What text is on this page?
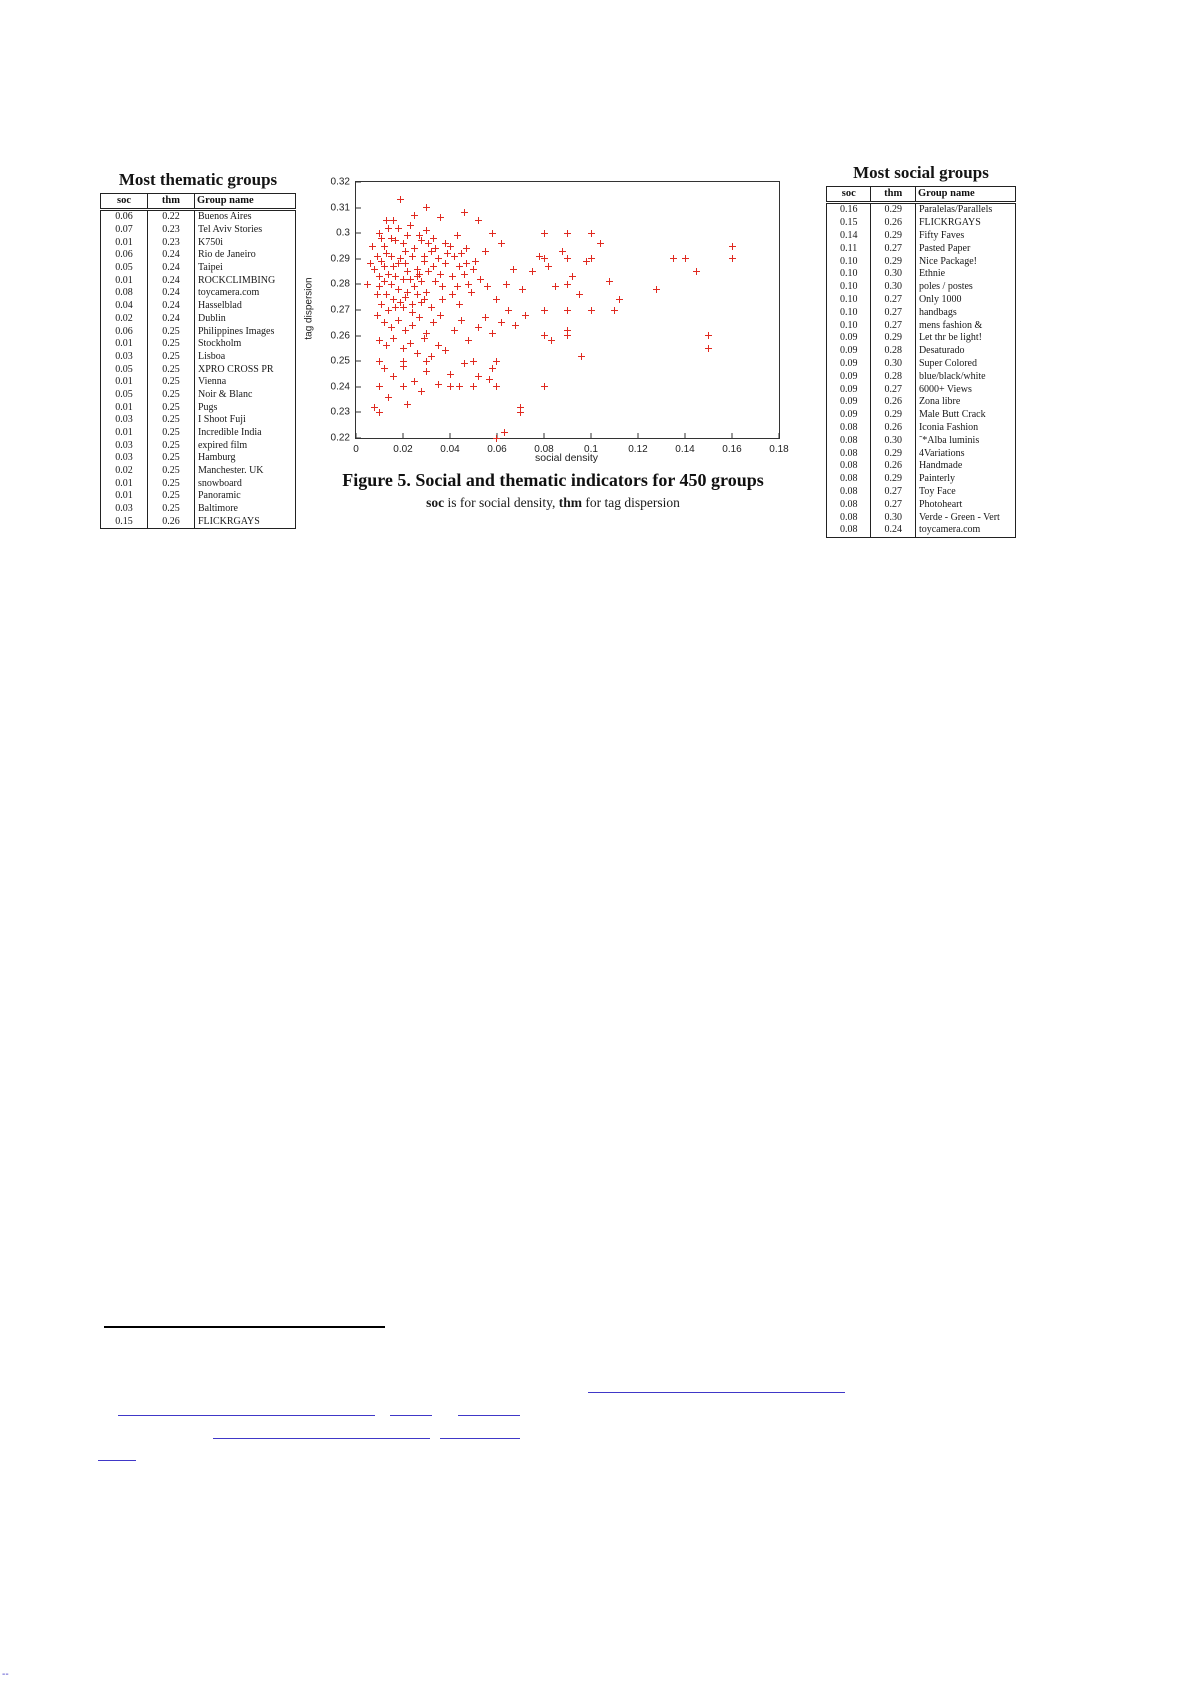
Most thematic groups
soc	thm	Group name
0.06	0.22	Buenos Aires
0.07	0.23	Tel Aviv Stories
0.01	0.23	K750i
0.06	0.24	Rio de Janeiro
0.05	0.24	Taipei
0.01	0.24	ROCKCLIMBING
0.08	0.24	toycamera.com
0.04	0.24	Hasselblad
0.02	0.24	Dublin
0.06	0.25	Philippines Images
0.01	0.25	Stockholm
0.03	0.25	Lisboa
0.05	0.25	XPRO CROSS PR
0.01	0.25	Vienna
0.05	0.25	Noir & Blanc
0.01	0.25	Pugs
0.03	0.25	I Shoot Fuji
0.01	0.25	Incredible India
0.03	0.25	expired film
0.03	0.25	Hamburg
0.02	0.25	Manchester. UK
0.01	0.25	snowboard
0.01	0.25	Panoramic
0.03	0.25	Baltimore
0.15	0.26	FLICKRGAYS
0	0.02	0.04	0.06	0.08	0.1	0.12	0.14	0.16	0.18
0.22
0.23
0.24
0.25
0.26
0.27
0.28
0.29
0.3
0.31
0.32
tag dispersion
social density
Figure 5. Social and thematic indicators for 450 groups
soc is for social density, thm for tag dispersion
Most social groups
soc	thm	Group name
0.16	0.29	Paralelas/Parallels
0.15	0.26	FLICKRGAYS
0.14	0.29	Fifty Faves
0.11	0.27	Pasted Paper
0.10	0.29	Nice Package!
0.10	0.30	Ethnie
0.10	0.30	poles / postes
0.10	0.27	Only 1000
0.10	0.27	handbags
0.10	0.27	mens fashion &
0.09	0.29	Let thr be light!
0.09	0.28	Desaturado
0.09	0.30	Super Colored
0.09	0.28	blue/black/white
0.09	0.27	6000+ Views
0.09	0.26	Zona libre
0.09	0.29	Male Butt Crack
0.08	0.26	Iconia Fashion
0.08	0.30	˜*Alba luminis
0.08	0.29	4Variations
0.08	0.26	Handmade
0.08	0.29	Painterly
0.08	0.27	Toy Face
0.08	0.27	Photoheart
0.08	0.30	Verde - Green - Vert
0.08	0.24	toycamera.com
--
